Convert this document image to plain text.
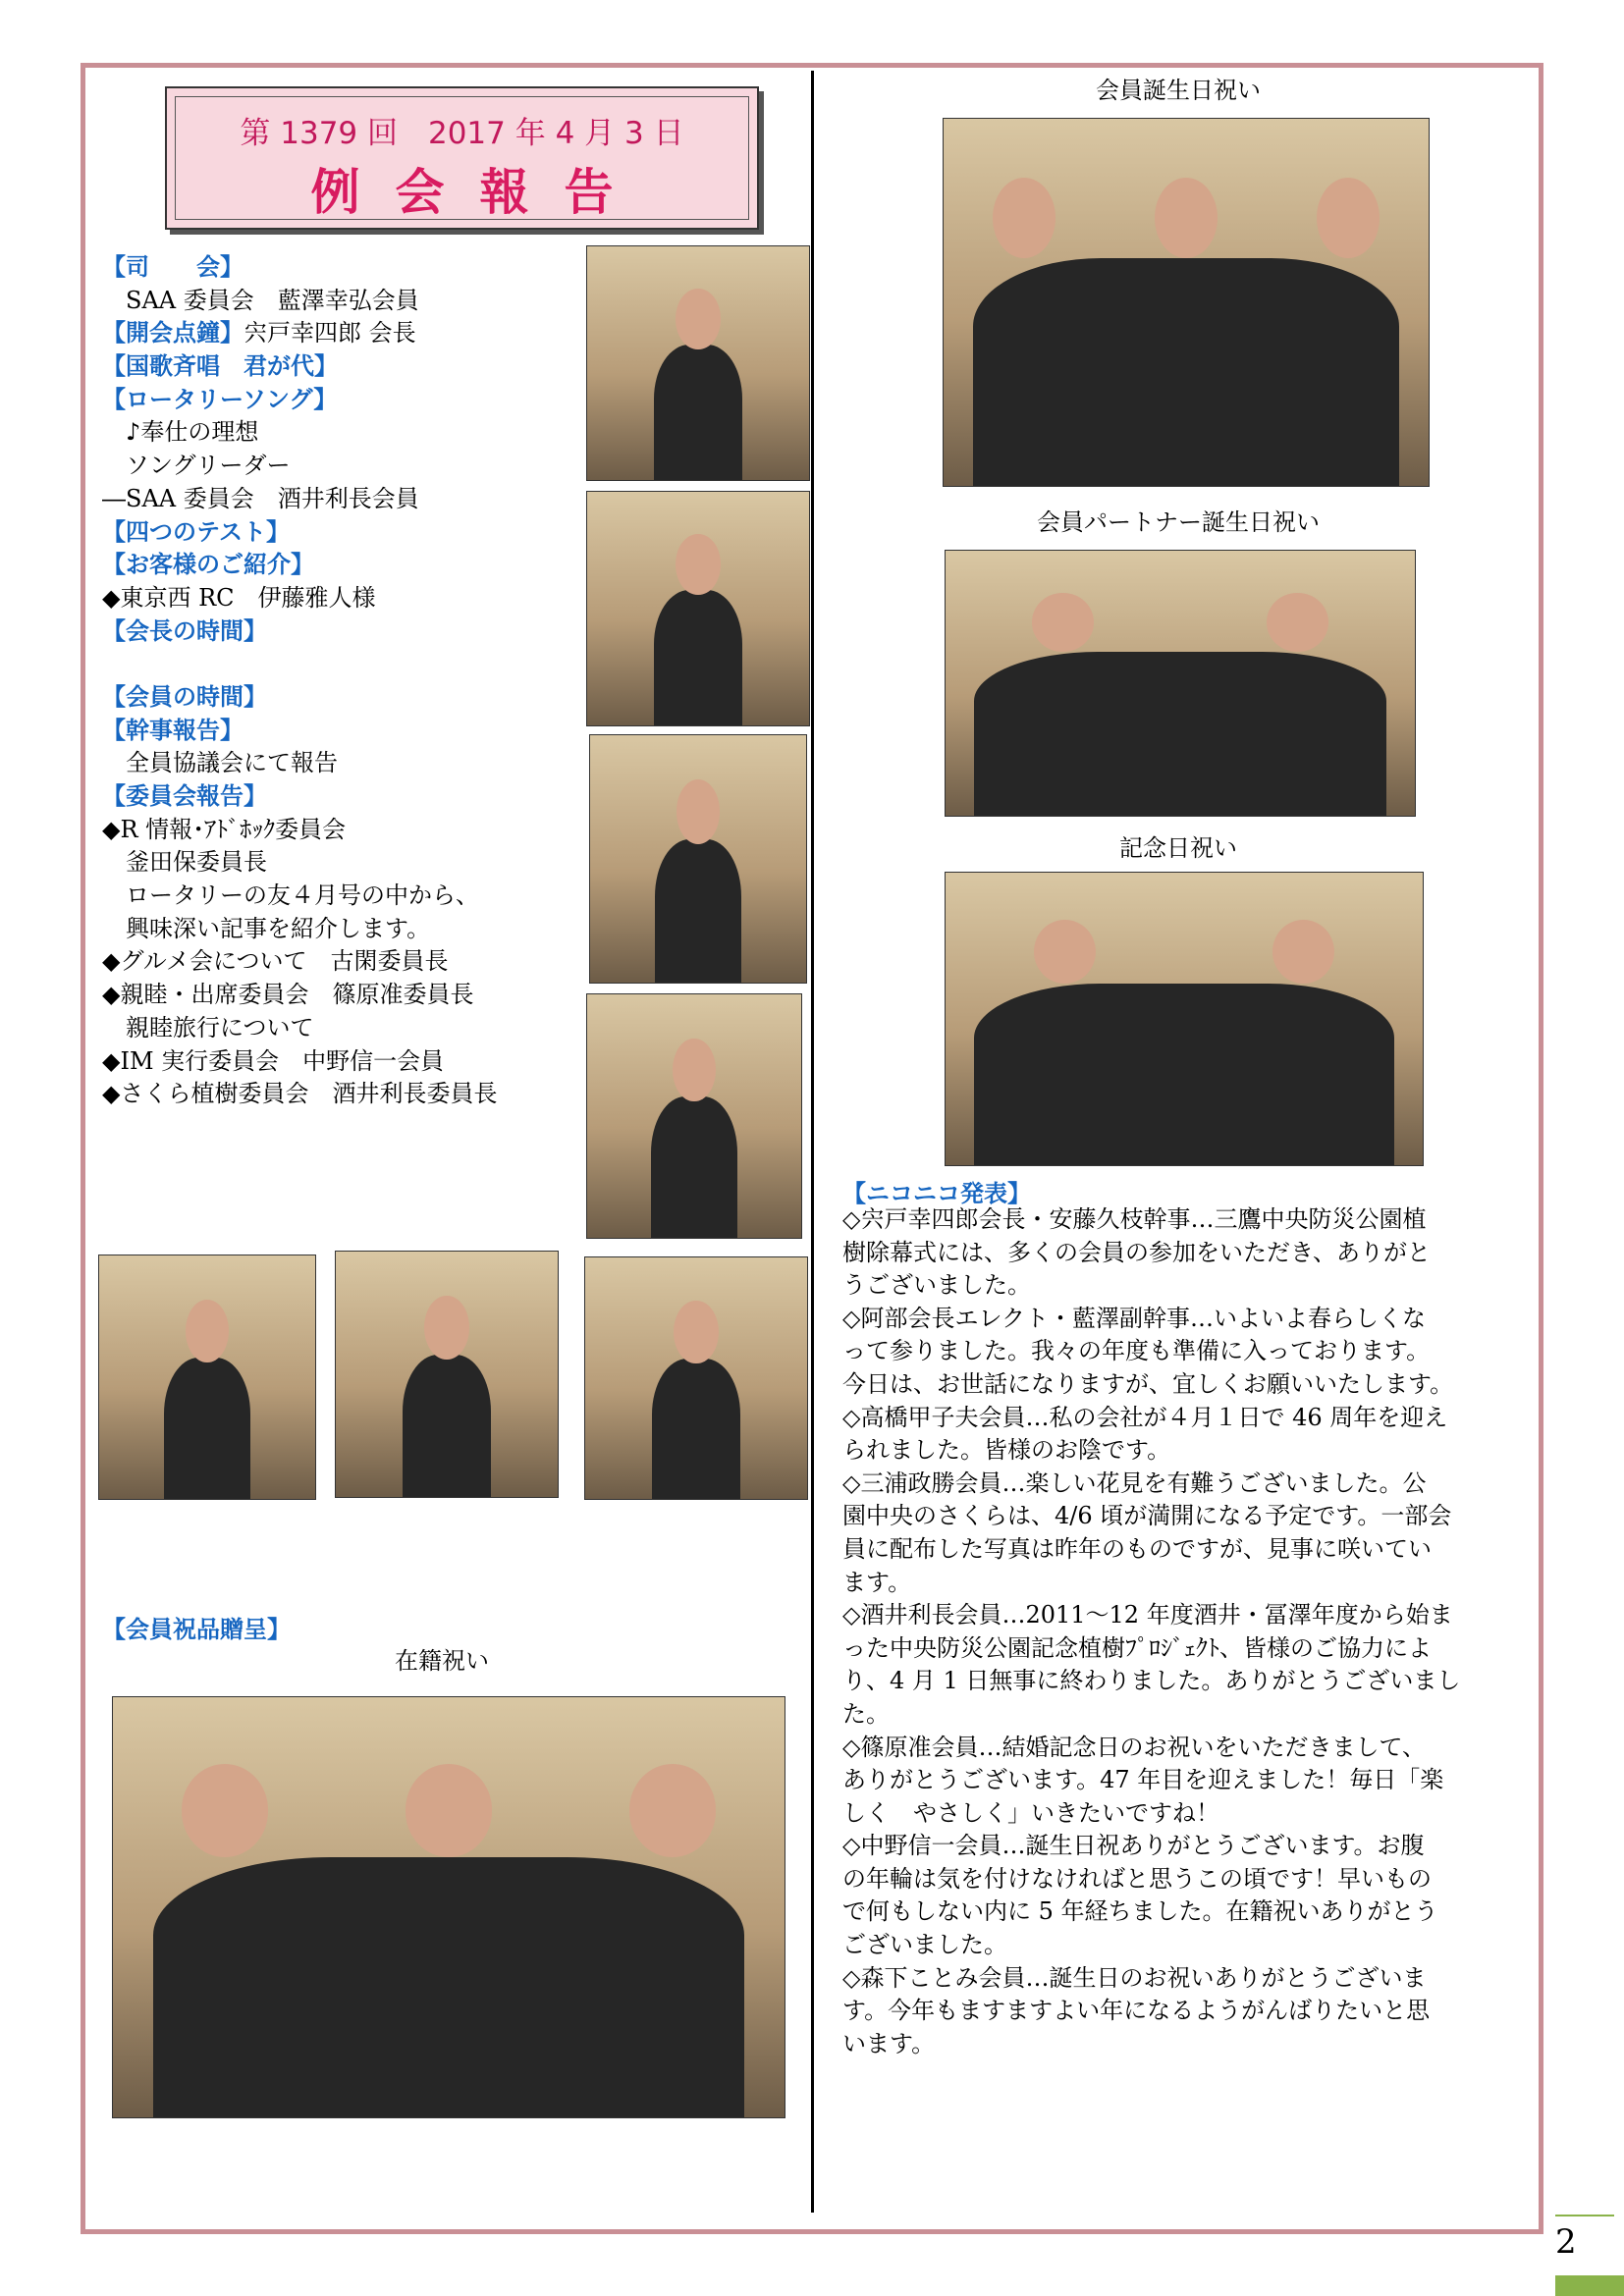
第 1379 回　2017 年 4 月 3 日
例会報告
【司　　会】
SAA 委員会　藍澤幸弘会員
【開会点鐘】宍戸幸四郎 会長
【国歌斉唱　君が代】
【ロータリーソング】
♪奉仕の理想
ソングリーダー
―SAA 委員会　酒井利長会員
【四つのテスト】
【お客様のご紹介】
◆東京西 RC　伊藤雅人様
【会長の時間】
【会員の時間】
【幹事報告】
全員協議会にて報告
【委員会報告】
◆R 情報･ｱﾄﾞﾎｯｸ委員会
釜田保委員長
ロータリーの友４月号の中から、
興味深い記事を紹介します。
◆グルメ会について　古閑委員長
◆親睦・出席委員会　篠原准委員長
親睦旅行について
◆IM 実行委員会　中野信一会員
◆さくら植樹委員会　酒井利長委員長
【会員祝品贈呈】
在籍祝い
会員誕生日祝い
会員パートナー誕生日祝い
記念日祝い
【ニコニコ発表】
◇宍戸幸四郎会長・安藤久枝幹事…三鷹中央防災公園植
樹除幕式には、多くの会員の参加をいただき、ありがと
うございました。
◇阿部会長エレクト・藍澤副幹事…いよいよ春らしくな
って参りました。我々の年度も準備に入っております。
今日は、お世話になりますが、宜しくお願いいたします。
◇高橋甲子夫会員…私の会社が４月１日で 46 周年を迎え
られました。皆様のお陰です。
◇三浦政勝会員…楽しい花見を有難うございました。公
園中央のさくらは、4/6 頃が満開になる予定です。一部会
員に配布した写真は昨年のものですが、見事に咲いてい
ます。
◇酒井利長会員…2011～12 年度酒井・冨澤年度から始ま
った中央防災公園記念植樹ﾌﾟﾛｼﾞｪｸﾄ、皆様のご協力によ
り、4 月 1 日無事に終わりました。ありがとうございまし
た。
◇篠原准会員…結婚記念日のお祝いをいただきまして、
ありがとうございます。47 年目を迎えました！毎日「楽
しく　やさしく」いきたいですね！
◇中野信一会員…誕生日祝ありがとうございます。お腹
の年輪は気を付けなければと思うこの頃です！早いもの
で何もしない内に 5 年経ちました。在籍祝いありがとう
ございました。
◇森下ことみ会員…誕生日のお祝いありがとうございま
す。今年もますますよい年になるようがんばりたいと思
います。
2
